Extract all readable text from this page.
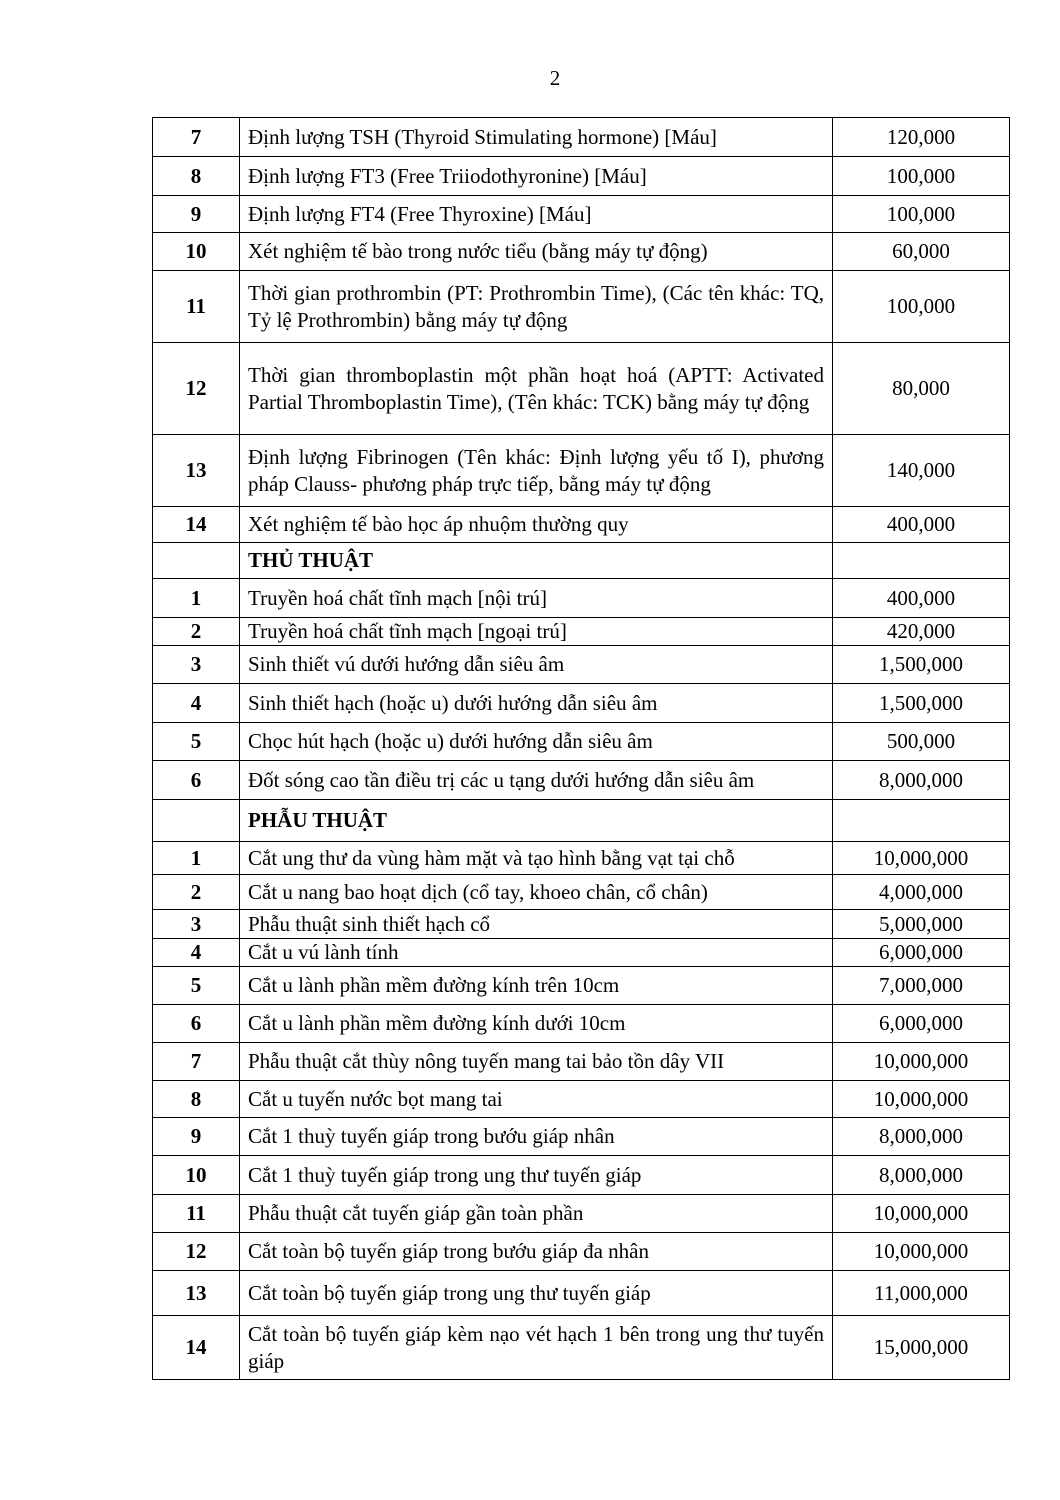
2
7	Định lượng TSH (Thyroid Stimulating hormone) [Máu]	120,000
8	Định lượng FT3 (Free Triiodothyronine) [Máu]	100,000
9	Định lượng FT4 (Free Thyroxine) [Máu]	100,000
10	Xét nghiệm tế bào trong nước tiểu (bằng máy tự động)	60,000
11	Thời gian prothrombin (PT: Prothrombin Time), (Các tên khác: TQ, Tỷ lệ Prothrombin) bằng máy tự động	100,000
12	Thời gian thromboplastin một phần hoạt hoá (APTT: Activated Partial Thromboplastin Time), (Tên khác: TCK) bằng máy tự động	80,000
13	Định lượng Fibrinogen (Tên khác: Định lượng yếu tố I), phương pháp Clauss- phương pháp trực tiếp, bằng máy tự động	140,000
14	Xét nghiệm tế bào học áp nhuộm thường quy	400,000
	THỦ THUẬT	
1	Truyền hoá chất tĩnh mạch [nội trú]	400,000
2	Truyền hoá chất tĩnh mạch [ngoại trú]	420,000
3	Sinh thiết vú dưới hướng dẫn siêu âm	1,500,000
4	Sinh thiết hạch (hoặc u) dưới hướng dẫn siêu âm	1,500,000
5	Chọc hút hạch (hoặc u) dưới hướng dẫn siêu âm	500,000
6	Đốt sóng cao tần điều trị các u tạng dưới hướng dẫn siêu âm	8,000,000
	PHẪU THUẬT	
1	Cắt ung thư da vùng hàm mặt và tạo hình bằng vạt tại chỗ	10,000,000
2	Cắt u nang bao hoạt dịch (cổ tay, khoeo chân, cổ chân)	4,000,000
3	Phẫu thuật sinh thiết hạch cổ	5,000,000
4	Cắt u vú lành tính	6,000,000
5	Cắt u lành phần mềm đường kính trên 10cm	7,000,000
6	Cắt u lành phần mềm đường kính dưới 10cm	6,000,000
7	Phẫu thuật cắt thùy nông tuyến mang tai bảo tồn dây VII	10,000,000
8	Cắt u tuyến nước bọt mang tai	10,000,000
9	Cắt 1 thuỳ tuyến giáp trong bướu giáp nhân	8,000,000
10	Cắt 1 thuỳ tuyến giáp trong ung thư tuyến giáp	8,000,000
11	Phẫu thuật cắt tuyến giáp gần toàn phần	10,000,000
12	Cắt toàn bộ tuyến giáp trong bướu giáp đa nhân	10,000,000
13	Cắt toàn bộ tuyến giáp trong ung thư tuyến giáp	11,000,000
14	Cắt toàn bộ tuyến giáp kèm nạo vét hạch 1 bên trong ung thư tuyến giáp	15,000,000
